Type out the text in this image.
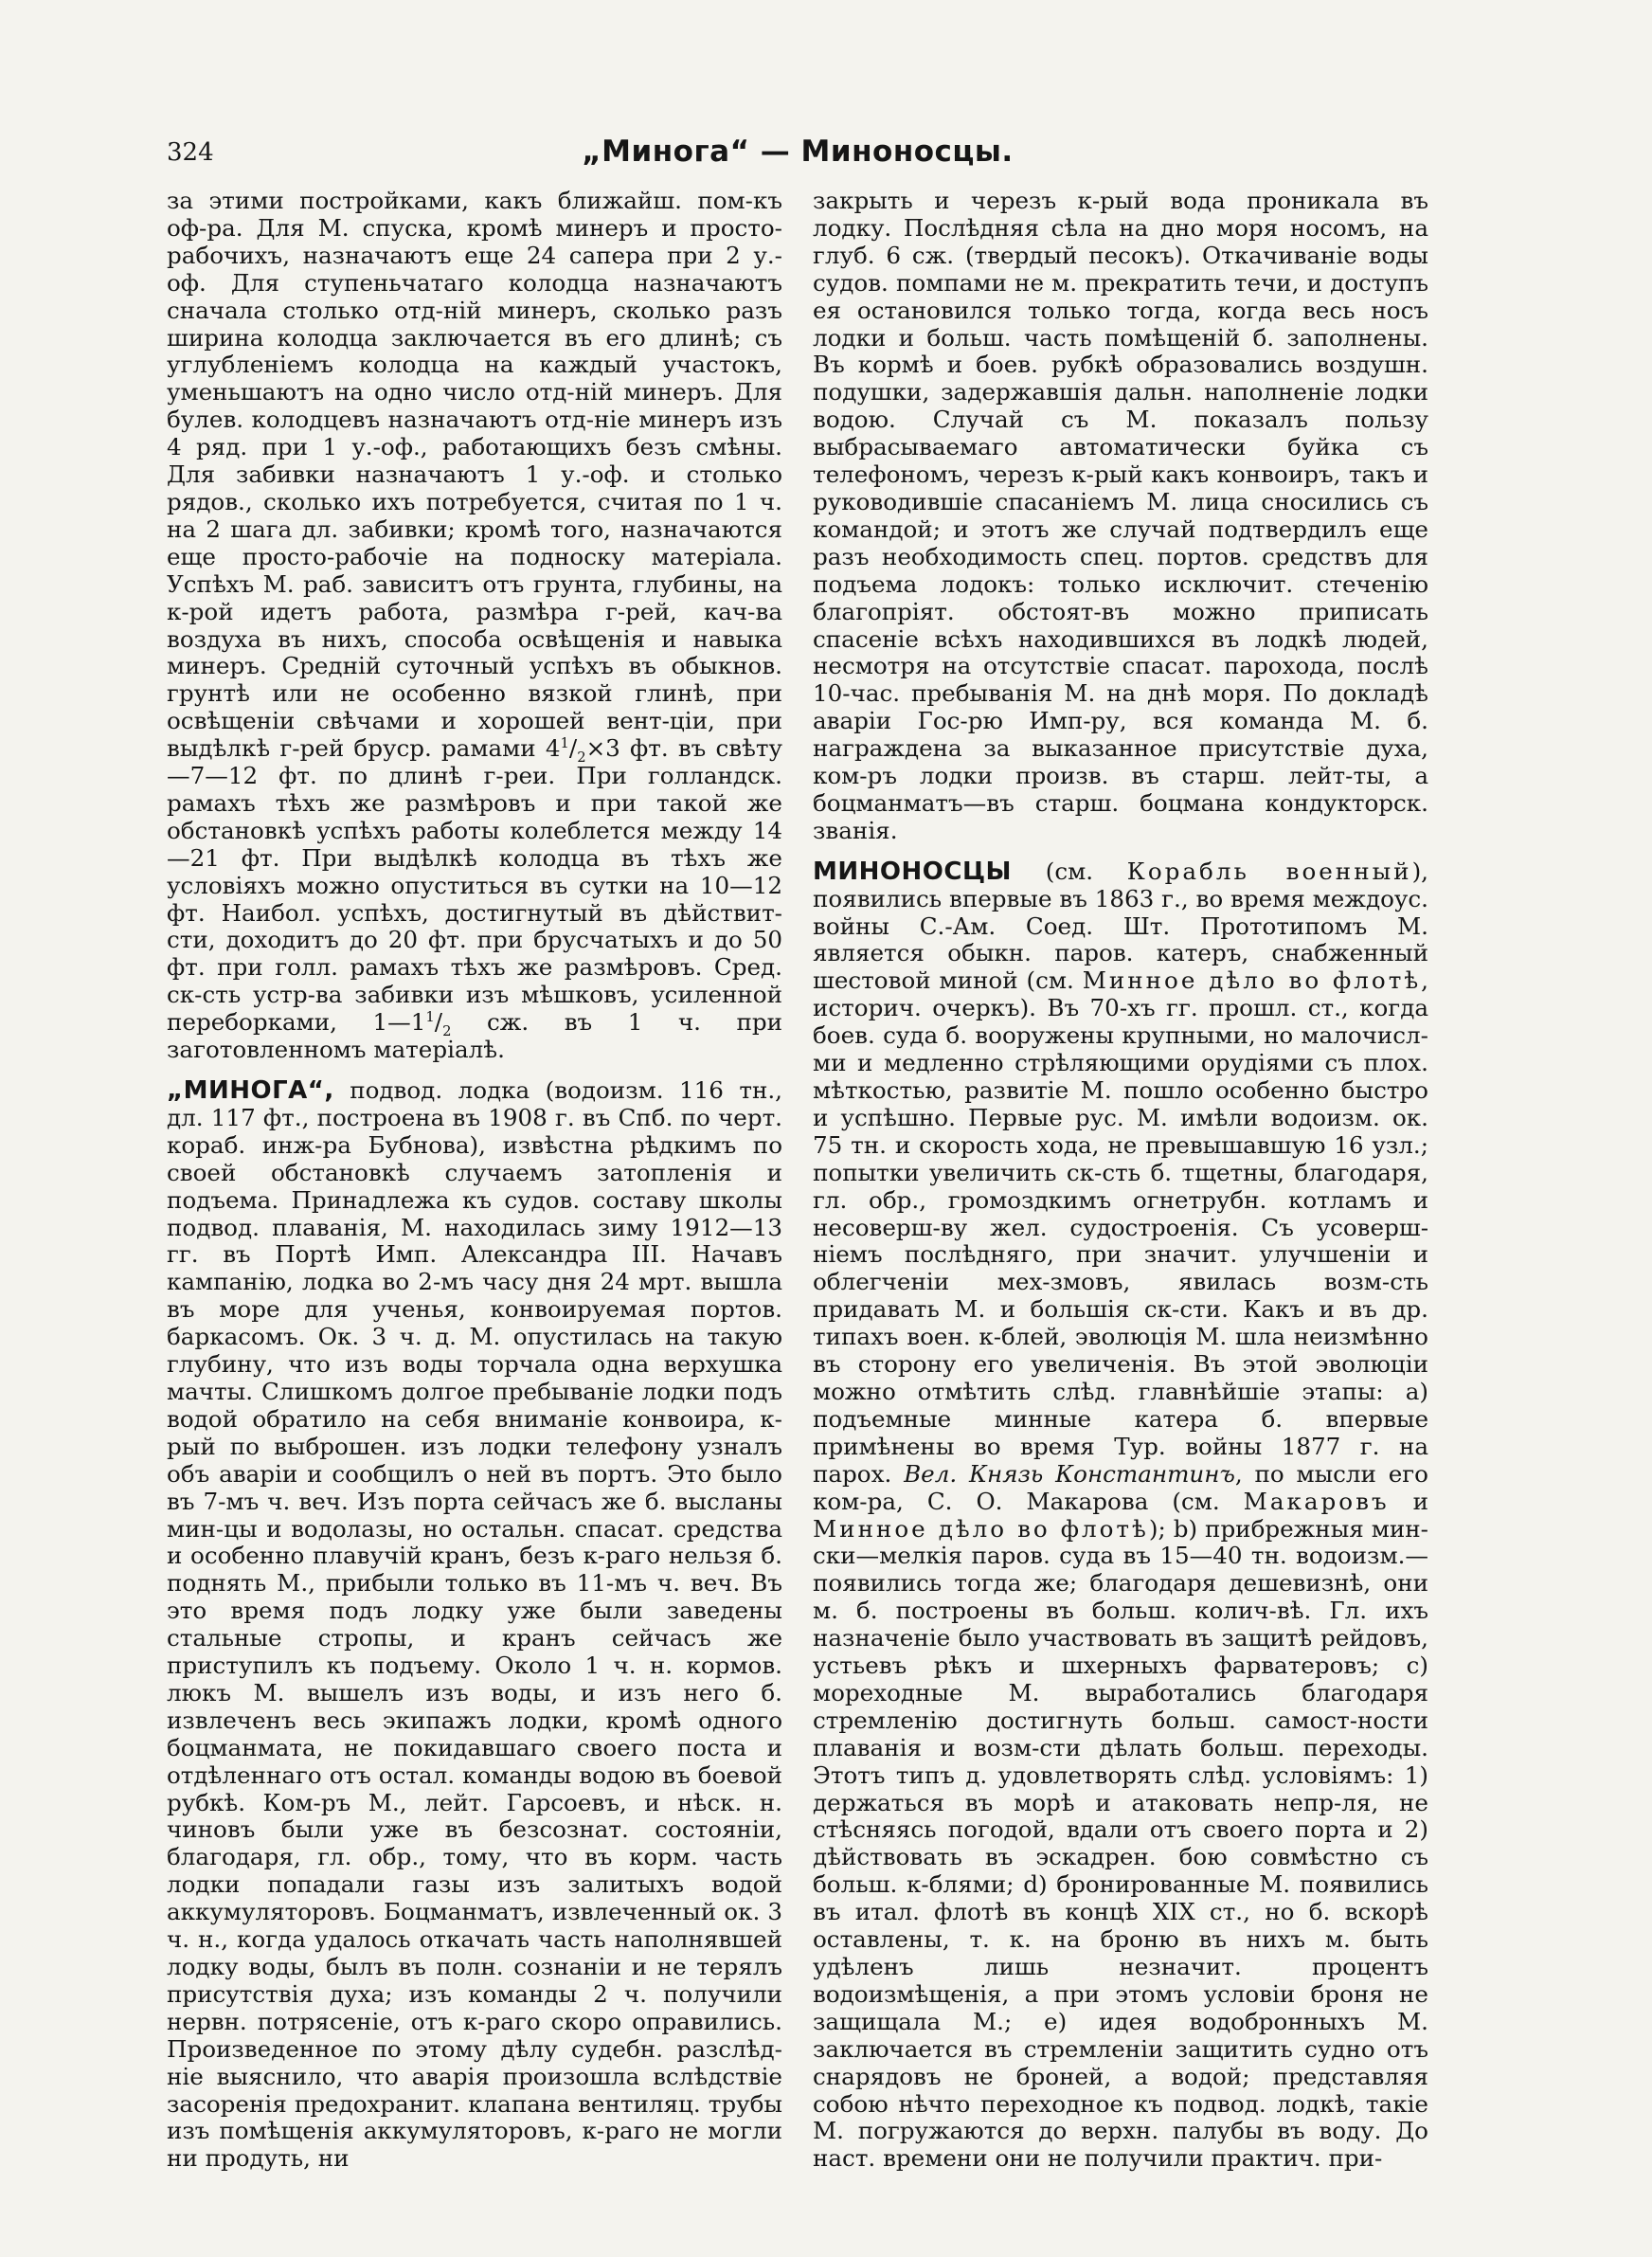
324	„Минога“ — Миноносцы.

за этими постройками, какъ ближайш. пом-къ оф-ра. Для М. спуска, кромѣ минеръ и простo-рабочихъ, назначаютъ еще 24 сапера при 2 у.-оф. Для ступеньчатаго колодца назначаютъ сначала столько отд-ній минеръ, сколько разъ ширина колодца заключается въ его длинѣ; съ углубленіемъ колодца на каждый участокъ, уменьшаютъ на одно число отд-ній минеръ. Для булев. колодцевъ назначаютъ отд-ніе минеръ изъ 4 ряд. при 1 у.-оф., работающихъ безъ смѣны. Для забивки назначаютъ 1 у.-оф. и столько рядов., сколько ихъ потребуется, считая по 1 ч. на 2 шага дл. забивки; кромѣ того, назначаются еще простo-рабочіе на подноску матеріала. Успѣхъ М. раб. зависитъ отъ грунта, глубины, на к-рой идетъ работа, размѣра г-рей, кач-ва воздуха въ нихъ, способа освѣщенія и навыка минеръ. Средній суточный успѣхъ въ обыкнов. грунтѣ или не особенно вязкой глинѣ, при освѣщеніи свѣчами и хорошей вент-ціи, при выдѣлкѣ г-рей бруср. рамами $4^1/_2\times 3$ фт. въ свѣту—7—12 фт. по длинѣ г-реи. При голландск. рамахъ тѣхъ же размѣровъ и при такой же обстановкѣ успѣхъ работы колеблется между 14—21 фт. При выдѣлкѣ колодца въ тѣхъ же условіяхъ можно опуститься въ сутки на 10—12 фт. Наибол. успѣхъ, достигнутый въ дѣйствит-сти, доходитъ до 20 фт. при брусчатыхъ и до 50 фт. при голл. рамахъ тѣхъ же размѣровъ. Сред. ск-сть устр-ва забивки изъ мѣшковъ, усиленной переборками, $1—1^1/_2$ сж. въ 1 ч. при заготовленномъ матеріалѣ.

„МИНОГА“, подвод. лодка (водоизм. 116 тн., дл. 117 фт., построена въ 1908 г. въ Спб. по черт. кораб. инж-ра Бубнова), извѣстна рѣдкимъ по своей обстановкѣ случаемъ затопленія и подъема. Принадлежа къ судов. составу школы подвод. плаванія, М. находилась зиму 1912—13 гг. въ Портѣ Имп. Александра III. Начавъ кампанію, лодка во 2-мъ часу дня 24 мрт. вышла въ море для ученья, конвоируемая портов. баркасомъ. Ок. 3 ч. д. М. опустилась на такую глубину, что изъ воды торчала одна верхушка мачты. Слишкомъ долгое пребываніе лодки подъ водой обратило на себя вниманіе конвоира, к-рый по выброшен. изъ лодки телефону узналъ объ аваріи и сообщилъ о ней въ портъ. Это было въ 7-мъ ч. веч. Изъ порта сейчасъ же б. высланы мин-цы и водолазы, но остальн. спасат. средства и особенно плавучій кранъ, безъ к-раго нельзя б. поднять М., прибыли только въ 11-мъ ч. веч. Въ это время подъ лодку уже были заведены стальные стропы, и кранъ сейчасъ же приступилъ къ подъему. Около 1 ч. н. кормов. люкъ М. вышелъ изъ воды, и изъ него б. извлеченъ весь экипажъ лодки, кромѣ одного боцманмата, не покидавшаго своего поста и отдѣленнаго отъ остал. команды водою въ боевой рубкѣ. Ком-ръ М., лейт. Гарсоевъ, и нѣск. н. чиновъ были уже въ безсознат. состояніи, благодаря, гл. обр., тому, что въ корм. часть лодки попадали газы изъ залитыхъ водой аккумуляторовъ. Боцманматъ, извлеченный ок. 3 ч. н., когда удалось откачать часть наполнявшей лодку воды, былъ въ полн. сознаніи и не терялъ присутствія духа; изъ команды 2 ч. получили нервн. потрясеніе, отъ к-раго скоро оправились. Произведенное по этому дѣлу судебн. разслѣд-ніе выяснило, что аварія произошла вслѣдствіе засоренія предохранит. клапана вентиляц. трубы изъ помѣщенія аккумуляторовъ, к-раго не могли ни продуть, ни

закрыть и черезъ к-рый вода проникала въ лодку. Послѣдняя сѣла на дно моря носомъ, на глуб. 6 сж. (твердый песокъ). Откачиваніе воды судов. помпами не м. прекратить течи, и доступъ ея остановился только тогда, когда весь носъ лодки и больш. часть помѣщеній б. заполнены. Въ кормѣ и боев. рубкѣ образовались воздушн. подушки, задержавшія дальн. наполненіе лодки водою. Случай съ М. показалъ пользу выбрасываемаго автоматически буйка съ телефономъ, черезъ к-рый какъ конвоиръ, такъ и руководившіе спасаніемъ М. лица сносились съ командой; и этотъ же случай подтвердилъ еще разъ необходимость спец. портов. средствъ для подъема лодокъ: только исключит. стеченію благопріят. обстоят-въ можно приписать спасеніе всѣхъ находившихся въ лодкѣ людей, несмотря на отсутствіе спасат. парохода, послѣ 10-час. пребыванія М. на днѣ моря. По докладѣ аваріи Гос-рю Имп-ру, вся команда М. б. награждена за выказанное присутствіе духа, ком-ръ лодки произв. въ старш. лейт-ты, а боцманматъ—въ старш. боцмана кондукторск. званія.

МИНОНОСЦЫ (см. Корабль военный), появились впервые въ 1863 г., во время междоус. войны С.-Ам. Соед. Шт. Прототипомъ М. является обыкн. паров. катеръ, снабженный шестовой миной (см. Минное дѣло во флотѣ, историч. очеркъ). Въ 70-хъ гг. прошл. ст., когда боев. суда б. вооружены крупными, но малочисл-ми и медленно стрѣляющими орудіями съ плох. мѣткостью, развитіе М. пошло особенно быстро и успѣшно. Первые рус. М. имѣли водоизм. ок. 75 тн. и скорость хода, не превышавшую 16 узл.; попытки увеличить ск-сть б. тщетны, благодаря, гл. обр., громоздкимъ огнетрубн. котламъ и несоверш-ву жел. судостроенія. Съ усоверш-ніемъ послѣдняго, при значит. улучшеніи и облегченіи мех-змовъ, явилась возм-сть придавать М. и большія ск-сти. Какъ и въ др. типахъ воен. к-блей, эволюція М. шла неизмѣнно въ сторону его увеличенія. Въ этой эволюціи можно отмѣтить слѣд. главнѣйшіе этапы: a) подъемные минные катера б. впервые примѣнены во время Тур. войны 1877 г. на парох. Вел. Князь Константинъ, по мысли его ком-ра, С. О. Макарова (см. Макаровъ и Минное дѣло во флотѣ); b) прибрежныя мин-ски—мелкія паров. суда въ 15—40 тн. водоизм.—появились тогда же; благодаря дешевизнѣ, они м. б. построены въ больш. колич-вѣ. Гл. ихъ назначеніе было участвовать въ защитѣ рейдовъ, устьевъ рѣкъ и шхерныхъ фарватеровъ; c) мореходные М. выработались благодаря стремленію достигнуть больш. самост-ности плаванія и возм-сти дѣлать больш. переходы. Этотъ типъ д. удовлетворять слѣд. условіямъ: 1) держаться въ морѣ и атаковать непр-ля, не стѣсняясь погодой, вдали отъ своего порта и 2) дѣйствовать въ эскадрен. бою совмѣстно съ больш. к-блями; d) бронированные М. появились въ итал. флотѣ въ концѣ XIX ст., но б. вскорѣ оставлены, т. к. на броню въ нихъ м. быть удѣленъ лишь незначит. процентъ водоизмѣщенія, а при этомъ условіи броня не защищала М.; e) идея водобронныхъ М. заключается въ стремленіи защитить судно отъ снарядовъ не броней, а водой; представляя собою нѣчто переходное къ подвод. лодкѣ, такіе М. погружаются до верхн. палубы въ воду. До наст. времени они не получили практич. при-
